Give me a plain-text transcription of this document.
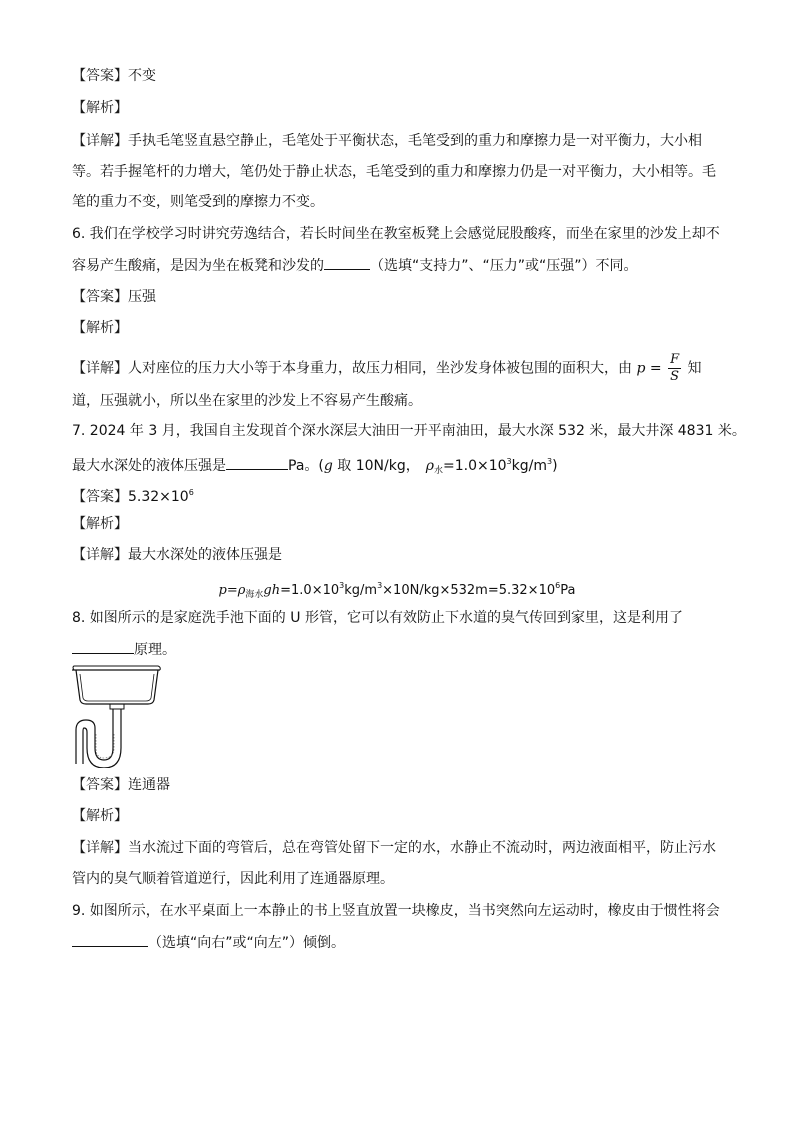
【答案】不变
【解析】
【详解】手执毛笔竖直悬空静止，毛笔处于平衡状态，毛笔受到的重力和摩擦力是一对平衡力，大小相
等。若手握笔杆的力增大，笔仍处于静止状态，毛笔受到的重力和摩擦力仍是一对平衡力，大小相等。毛
笔的重力不变，则笔受到的摩擦力不变。
6. 我们在学校学习时讲究劳逸结合，若长时间坐在教室板凳上会感觉屁股酸疼，而坐在家里的沙发上却不
容易产生酸痛，是因为坐在板凳和沙发的	（选填“支持力”、“压力”或“压强”）不同。
【答案】压强
【解析】
【详解】人对座位的压力大小等于本身重力，故压力相同，坐沙发身体被包围的面积大，由 $p = \frac{F}{S}$ 知
道，压强就小，所以坐在家里的沙发上不容易产生酸痛。
7. 2024 年 3 月，我国自主发现首个深水深层大油田一开平南油田，最大水深 532 米，最大井深 4831 米。
最大水深处的液体压强是	Pa。(g 取 10N/kg， $\rho_水=1.0\times 10^3kg/m^3$)
【答案】$5.32\times 10^6$
【解析】
【详解】最大水深处的液体压强是
$p=\rho_{海水}gh=1.0\times 10^3kg/m^3\times 10N/kg\times 532m=5.32\times 10^6Pa$
8. 如图所示的是家庭洗手池下面的 U 形管，它可以有效防止下水道的臭气传回到家里，这是利用了
原理。
【答案】连通器
【解析】
【详解】当水流过下面的弯管后，总在弯管处留下一定的水，水静止不流动时，两边液面相平，防止污水
管内的臭气顺着管道逆行，因此利用了连通器原理。
9. 如图所示，在水平桌面上一本静止的书上竖直放置一块橡皮，当书突然向左运动时，橡皮由于惯性将会
（选填“向右”或“向左”）倾倒。
